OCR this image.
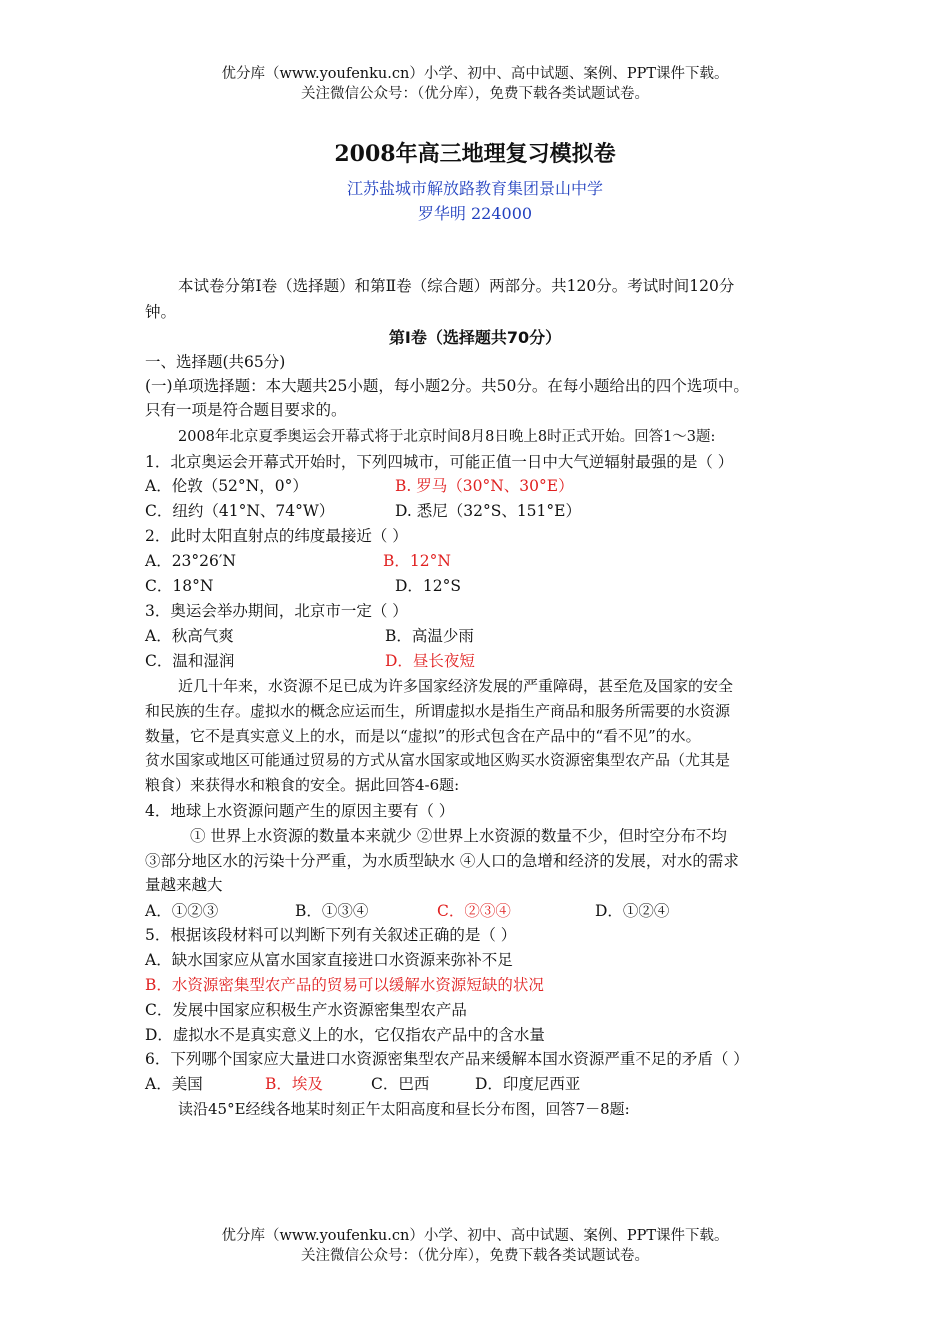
优分库（www.youfenku.cn）小学、初中、高中试题、案例、PPT课件下载。
关注微信公众号：（优分库），免费下载各类试题试卷。
2008年高三地理复习模拟卷
江苏盐城市解放路教育集团景山中学
罗华明 224000
本试卷分第Ⅰ卷（选择题）和第Ⅱ卷（综合题）两部分。共120分。考试时间120分
钟。
第Ⅰ卷（选择题共70分）
一、选择题(共65分)
(一)单项选择题：本大题共25小题，每小题2分。共50分。在每小题给出的四个选项中。
只有一项是符合题目要求的。
2008年北京夏季奥运会开幕式将于北京时间8月8日晚上8时正式开始。回答1～3题:
1．北京奥运会开幕式开始时，下列四城市，可能正值一日中大气逆辐射最强的是（ ）
A．伦敦（52°N，0°）	B. 罗马（30°N、30°E）
C．纽约（41°N、74°W）	D. 悉尼（32°S、151°E）
2．此时太阳直射点的纬度最接近（ ）
A．23°26′N	B．12°N
C．18°N	D．12°S
3．奥运会举办期间，北京市一定（ ）
A．秋高气爽	B．高温少雨
C．温和湿润	D．昼长夜短
近几十年来，水资源不足已成为许多国家经济发展的严重障碍，甚至危及国家的安全
和民族的生存。虚拟水的概念应运而生，所谓虚拟水是指生产商品和服务所需要的水资源
数量，它不是真实意义上的水，而是以“虚拟”的形式包含在产品中的“看不见”的水。
贫水国家或地区可能通过贸易的方式从富水国家或地区购买水资源密集型农产品（尤其是
粮食）来获得水和粮食的安全。据此回答4-6题:
4．地球上水资源问题产生的原因主要有（ ）
① 世界上水资源的数量本来就少 ②世界上水资源的数量不少，但时空分布不均
③部分地区水的污染十分严重，为水质型缺水 ④人口的急增和经济的发展，对水的需求
量越来越大
A．①②③	B．①③④	C．②③④	D．①②④
5．根据该段材料可以判断下列有关叙述正确的是（ ）
A．缺水国家应从富水国家直接进口水资源来弥补不足
B．水资源密集型农产品的贸易可以缓解水资源短缺的状况
C．发展中国家应积极生产水资源密集型农产品
D．虚拟水不是真实意义上的水，它仅指农产品中的含水量
6．下列哪个国家应大量进口水资源密集型农产品来缓解本国水资源严重不足的矛盾（ ）
A．美国	B．埃及	C．巴西	D．印度尼西亚
读沿45°E经线各地某时刻正午太阳高度和昼长分布图，回答7－8题:
优分库（www.youfenku.cn）小学、初中、高中试题、案例、PPT课件下载。
关注微信公众号：（优分库），免费下载各类试题试卷。
